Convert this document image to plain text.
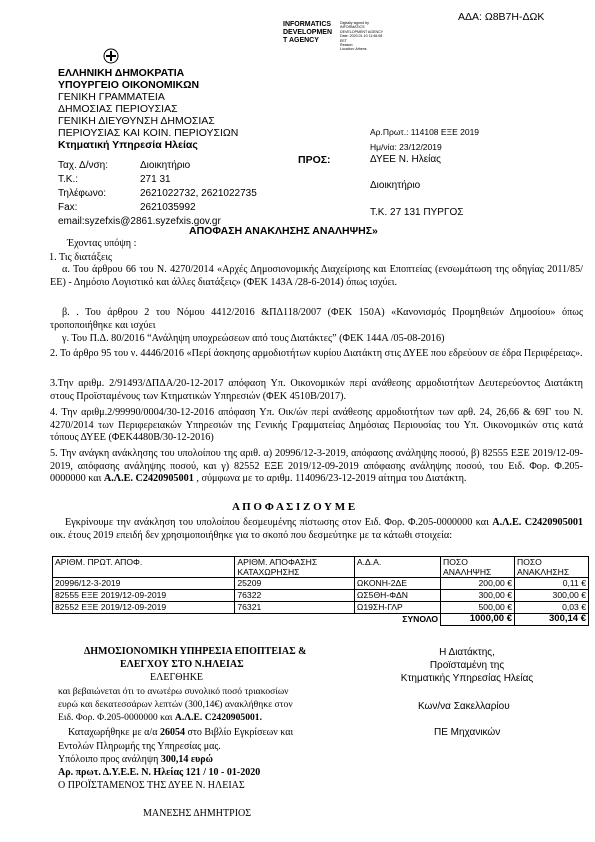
ΑΔΑ: Ω8Β7Η-ΔΩΚ
INFORMATICS
DEVELOPMEN
T AGENCY
Digitally signed by
INFORMATICS
DEVELOPMENT AGENCY
Date: 2020.01.10 11:46:08
EET
Reason:
Location: Athens
ΕΛΛΗΝΙΚΗ ΔΗΜΟΚΡΑΤΙΑ
ΥΠΟΥΡΓΕΙΟ ΟΙΚΟΝΟΜΙΚΩΝ
ΓΕΝΙΚΗ ΓΡΑΜΜΑΤΕΙΑ
ΔΗΜΟΣΙΑΣ ΠΕΡΙΟΥΣΙΑΣ
ΓΕΝΙΚΗ ΔΙΕΥΘΥΝΣΗ ΔΗΜΟΣΙΑΣ
ΠΕΡΙΟΥΣΙΑΣ ΚΑΙ ΚΟΙΝ. ΠΕΡΙΟΥΣΙΩΝ
Κτηματική Υπηρεσία Ηλείας
Ταχ. Δ/νση:	Διοικητήριο
Τ.Κ.:	271 31
Τηλέφωνο:	2621022732, 2621022735
Fax:	2621035992
email:syzefxis@2861.syzefxis.gov.gr
Αρ.Πρωτ.: 114108 ΕΞΕ 2019
Ημ/νία: 23/12/2019
ΠΡΟΣ:	ΔΥΕΕ Ν. Ηλείας
Διοικητήριο
Τ.Κ. 27 131 ΠΥΡΓΟΣ
ΑΠΟΦΑΣΗ ΑΝΑΚΛΗΣΗΣ ΑΝΑΛΗΨΗΣ»
Έχοντας υπόψη :
1. Τις διατάξεις
α. Του άρθρου 66 του Ν. 4270/2014 «Αρχές Δημοσιονομικής Διαχείρισης και Εποπτείας (ενσωμάτωση της οδηγίας 2011/85/ΕΕ) - Δημόσιο Λογιστικό και άλλες διατάξεις» (ΦΕΚ 143Α /28-6-2014) όπως ισχύει.
β. . Του άρθρου 2 του Νόμου 4412/2016 &ΠΔ118/2007 (ΦΕΚ 150Α) «Κανονισμός Προμηθειών Δημοσίου» όπως τροποποιήθηκε και ισχύει
γ. Του Π.Δ. 80/2016 “Ανάληψη υποχρεώσεων από τους Διατάκτες” (ΦΕΚ 144Α /05-08-2016)
2. Το άρθρο 95 του ν. 4446/2016 «Περί άσκησης αρμοδιοτήτων κυρίου Διατάκτη στις ΔΥΕΕ που εδρεύουν σε έδρα Περιφέρειας».
3.Την αριθμ. 2/91493/ΔΠΔΑ/20-12-2017 απόφαση Υπ. Οικονομικών περί ανάθεσης αρμοδιοτήτων Δευτερεύοντος Διατάκτη στους Προϊσταμένους των Κτηματικών Υπηρεσιών (ΦΕΚ 4510Β/2017).
4. Την αριθμ.2/99990/0004/30-12-2016 απόφαση Υπ. Οικ/ών περί ανάθεσης αρμοδιοτήτων των αρθ. 24, 26,66 & 69Γ του Ν. 4270/2014 των Περιφερειακών Υπηρεσιών της Γενικής Γραμματείας Δημόσιας Περιουσίας του Υπ. Οικονομικών στις κατά τόπους ΔΥΕΕ (ΦΕΚ4480Β/30-12-2016)
5. Την ανάγκη ανάκλησης του υπολοίπου της αριθ. α) 20996/12-3-2019, απόφασης ανάληψης ποσού, β) 82555 ΕΞΕ 2019/12-09-2019, απόφασης ανάληψης ποσού, και γ) 82552 ΕΞΕ 2019/12-09-2019 απόφασης ανάληψης ποσού, του Ειδ. Φορ. Φ.205-0000000 και Α.Λ.Ε. C2420905001 , σύμφωνα με το αριθμ. 114096/23-12-2019 αίτημα του Διατάκτη.
Α Π Ο Φ Α Σ Ι Ζ Ο Υ Μ Ε
Εγκρίνουμε την ανάκληση του υπολοίπου δεσμευμένης πίστωσης στον Ειδ. Φορ. Φ.205-0000000 και Α.Λ.Ε. C2420905001 οικ. έτους 2019 επειδή δεν χρησιμοποιήθηκε για το σκοπό που δεσμεύτηκε με τα κάτωθι στοιχεία:
ΑΡΙΘΜ. ΠΡΩΤ. ΑΠΟΦ.	ΑΡΙΘΜ. ΑΠΟΦΑΣΗΣ ΚΑΤΑΧΩΡΗΣΗΣ	Α.Δ.Α.	ΠΟΣΟ ΑΝΑΛΗΨΗΣ	ΠΟΣΟ ΑΝΑΚΛΗΣΗΣ
20996/12-3-2019	25209	ΩΚΟΝΗ-2ΔΕ	200,00 €	0,11 €
82555 ΕΞΕ 2019/12-09-2019	76322	ΩΣ5ΘΗ-ΦΔΝ	300,00 €	300,00 €
82552 ΕΞΕ 2019/12-09-2019	76321	Ω19ΣΗ-ΓΛΡ	500,00 €	0,03 €
	ΣΥΝΟΛΟ		1000,00 €	300,14 €
ΔΗΜΟΣΙΟΝΟΜΙΚΗ ΥΠΗΡΕΣΙΑ ΕΠΟΠΤΕΙΑΣ &
ΕΛΕΓΧΟΥ ΣΤΟ Ν.ΗΛΕΙΑΣ
ΕΛΕΓΘΗΚΕ
και βεβαιώνεται ότι το ανωτέρω συνολικό ποσό τριακοσίων
ευρώ και δεκατεσσάρων λεπτών (300,14€) ανακλήθηκε στον
Ειδ. Φορ. Φ.205-0000000 και Α.Λ.Ε. C2420905001.
Καταχωρήθηκε με α/α 26054 στο Βιβλίο Εγκρίσεων και
Εντολών Πληρωμής της Υπηρεσίας μας.
Υπόλοιπο προς ανάληψη 300,14 ευρώ
Αρ. πρωτ. Δ.Υ.Ε.Ε. Ν. Ηλείας 121 / 10 - 01-2020
Ο ΠΡΟΪΣΤΑΜΕΝΟΣ ΤΗΣ ΔΥΕΕ Ν. ΗΛΕΙΑΣ
ΜΑΝΕΣΗΣ ΔΗΜΗΤΡΙΟΣ
Η Διατάκτης,
Προϊσταμένη της
Κτηματικής Υπηρεσίας Ηλείας
Κων/να Σακελλαρίου
ΠΕ Μηχανικών
